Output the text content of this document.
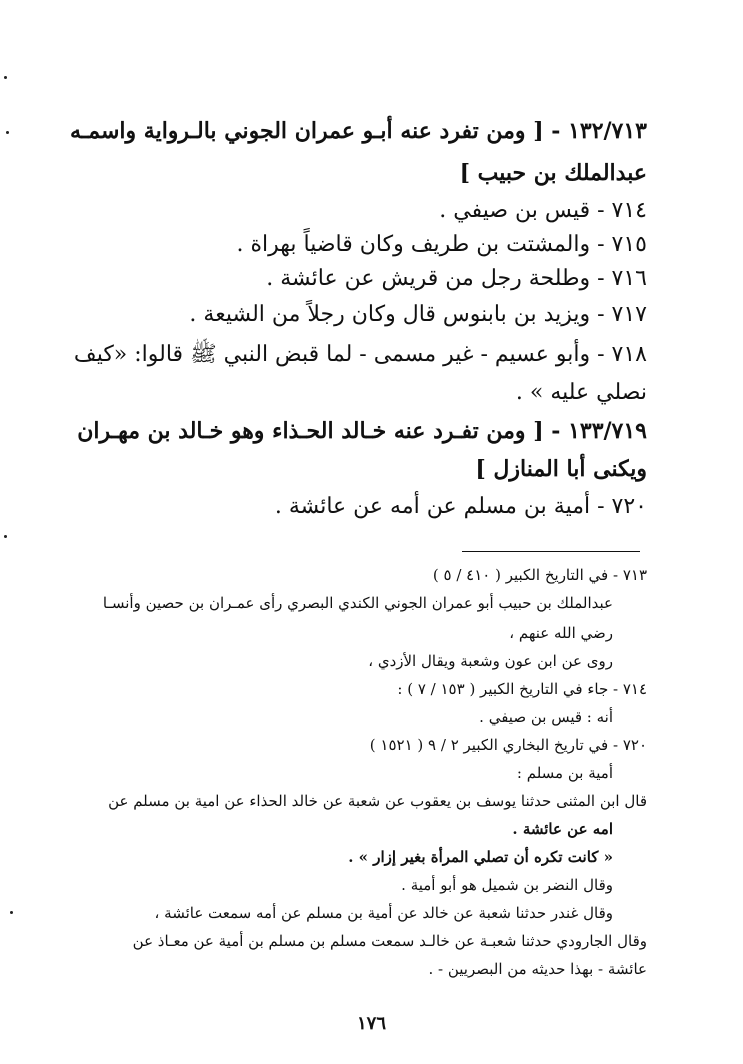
١٣٢/٧١٣ - [ ومن تفرد عنه أبـو عمران الجوني بالـرواية واسمـه
عبدالملك بن حبيب ]
٧١٤ - قيس بن صيفي .
٧١٥ - والمشتت بن طريف وكان قاضياً بهراة .
٧١٦ - وطلحة رجل من قريش عن عائشة .
٧١٧ - ويزيد بن بابنوس قال وكان رجلاً من الشيعة .
٧١٨ - وأبو عسيم - غير مسمى - لما قبض النبي ﷺ قالوا: «كيف
نصلي عليه » .
١٣٣/٧١٩ - [ ومن تفـرد عنه خـالد الحـذاء وهو خـالد بن مهـران
ويكنى أبا المنازل ]
٧٢٠ - أمية بن مسلم عن أمه عن عائشة .
٧١٣ - في التاريخ الكبير ( ٤١٠ / ٥ )
عبدالملك بن حبيب أبو عمران الجوني الكندي البصري رأى عمـران بن حصين وأنسـا
رضي الله عنهم ،
روى عن ابن عون وشعبة ويقال الأزدي ،
٧١٤ - جاء في التاريخ الكبير ( ١٥٣ / ٧ ) :
أنه : قيس بن صيفي .
٧٢٠ - في تاريخ البخاري الكبير ٢ / ٩ ( ١٥٢١ )
أمية بن مسلم :
قال ابن المثنى حدثنا يوسف بن يعقوب عن شعبة عن خالد الحذاء عن امية بن مسلم عن
امه عن عائشة .
« كانت تكره أن تصلي المرأة بغير إزار » .
وقال النضر بن شميل هو أبو أمية .
وقال غندر حدثنا شعبة عن خالد عن أمية بن مسلم عن أمه سمعت عائشة ،
وقال الجارودي حدثنا شعبـة عن خالـد سمعت مسلم بن مسلم بن أمية عن معـاذ عن
عائشة - بهذا حديثه من البصريين - .
١٧٦
